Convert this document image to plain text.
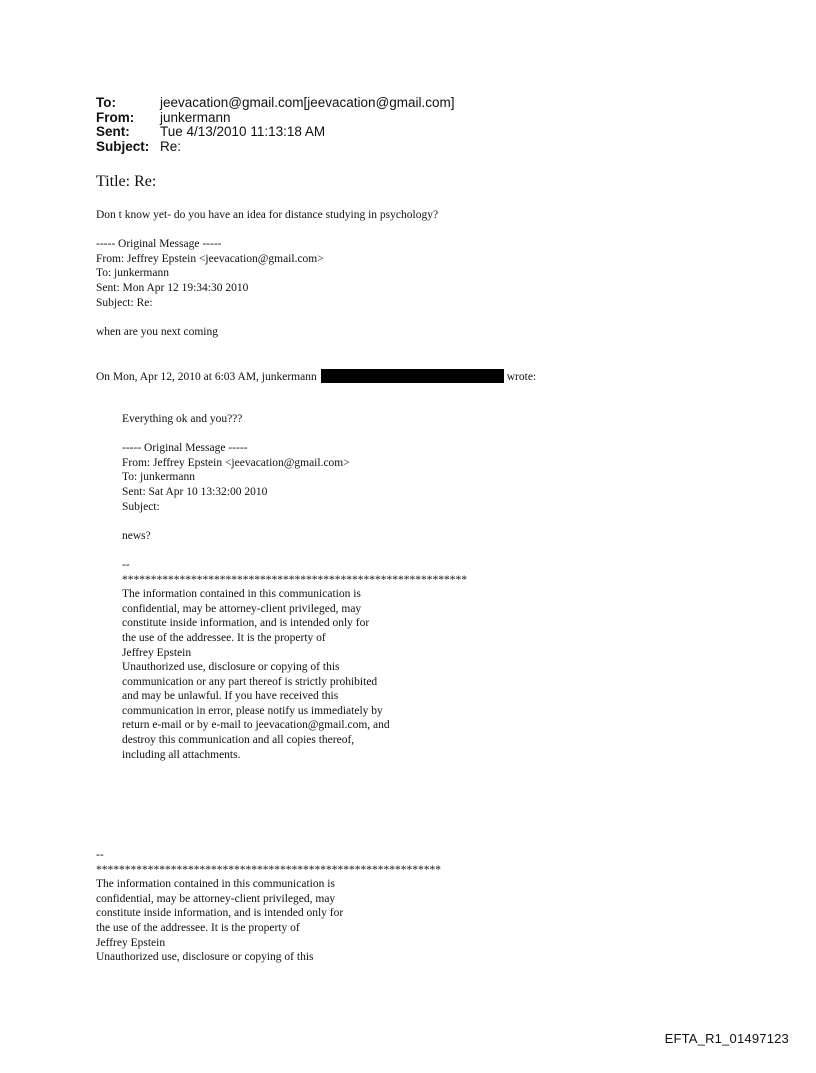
To:	jeevacation@gmail.com[jeevacation@gmail.com]
From:	junkermann
Sent:	Tue 4/13/2010 11:13:18 AM
Subject: Re:
Title: Re:
Don t know yet- do you have an idea for distance studying in psychology?
----- Original Message -----
From: Jeffrey Epstein <jeevacation@gmail.com>
To: junkermann
Sent: Mon Apr 12 19:34:30 2010
Subject: Re:
when are you next coming
On Mon, Apr 12, 2010 at 6:03 AM, junkermann	wrote:
Everything ok and you???
----- Original Message -----
From: Jeffrey Epstein <jeevacation@gmail.com>
To: junkermann
Sent: Sat Apr 10 13:32:00 2010
Subject:
news?
--
************************************************************
The information contained in this communication is
confidential, may be attorney-client privileged, may
constitute inside information, and is intended only for
the use of the addressee. It is the property of
Jeffrey Epstein
Unauthorized use, disclosure or copying of this
communication or any part thereof is strictly prohibited
and may be unlawful. If you have received this
communication in error, please notify us immediately by
return e-mail or by e-mail to jeevacation@gmail.com, and
destroy this communication and all copies thereof,
including all attachments.
--
************************************************************
The information contained in this communication is
confidential, may be attorney-client privileged, may
constitute inside information, and is intended only for
the use of the addressee. It is the property of
Jeffrey Epstein
Unauthorized use, disclosure or copying of this
EFTA_R1_01497123
